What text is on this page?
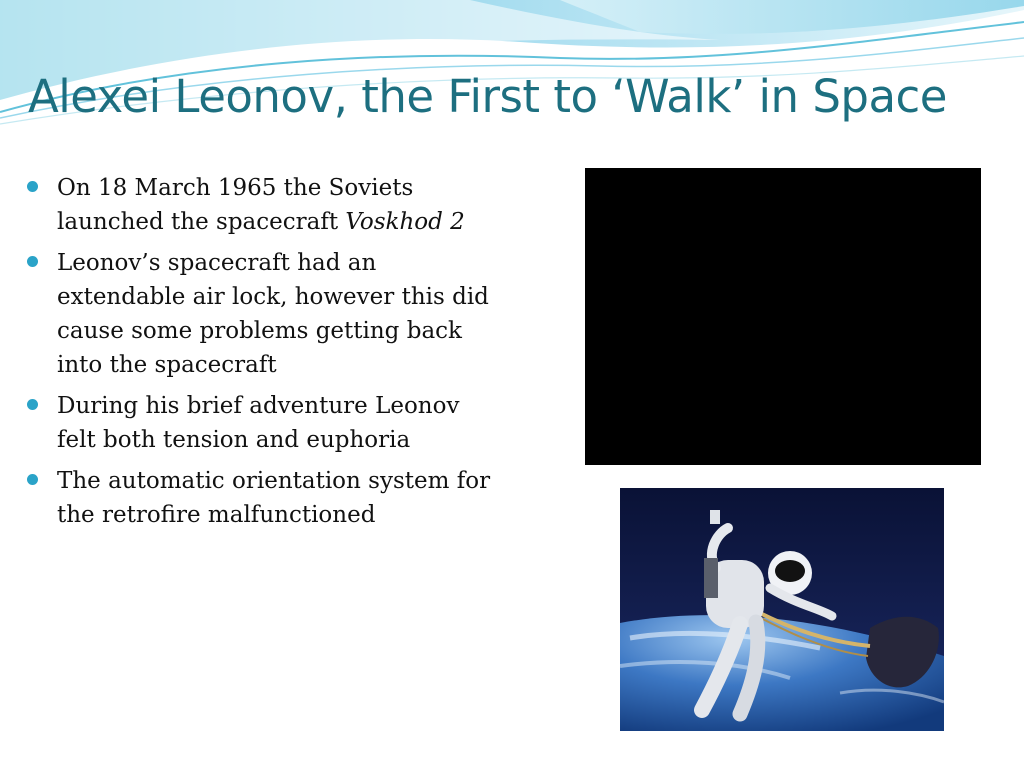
Alexei Leonov, the First to ‘Walk’ in Space
On 18 March 1965 the Soviets launched the spacecraft Voskhod 2
Leonov’s spacecraft had an extendable air lock, however this did cause some problems getting back into the spacecraft
During his brief adventure Leonov felt both tension and euphoria
The automatic orientation system for the retrofire malfunctioned
